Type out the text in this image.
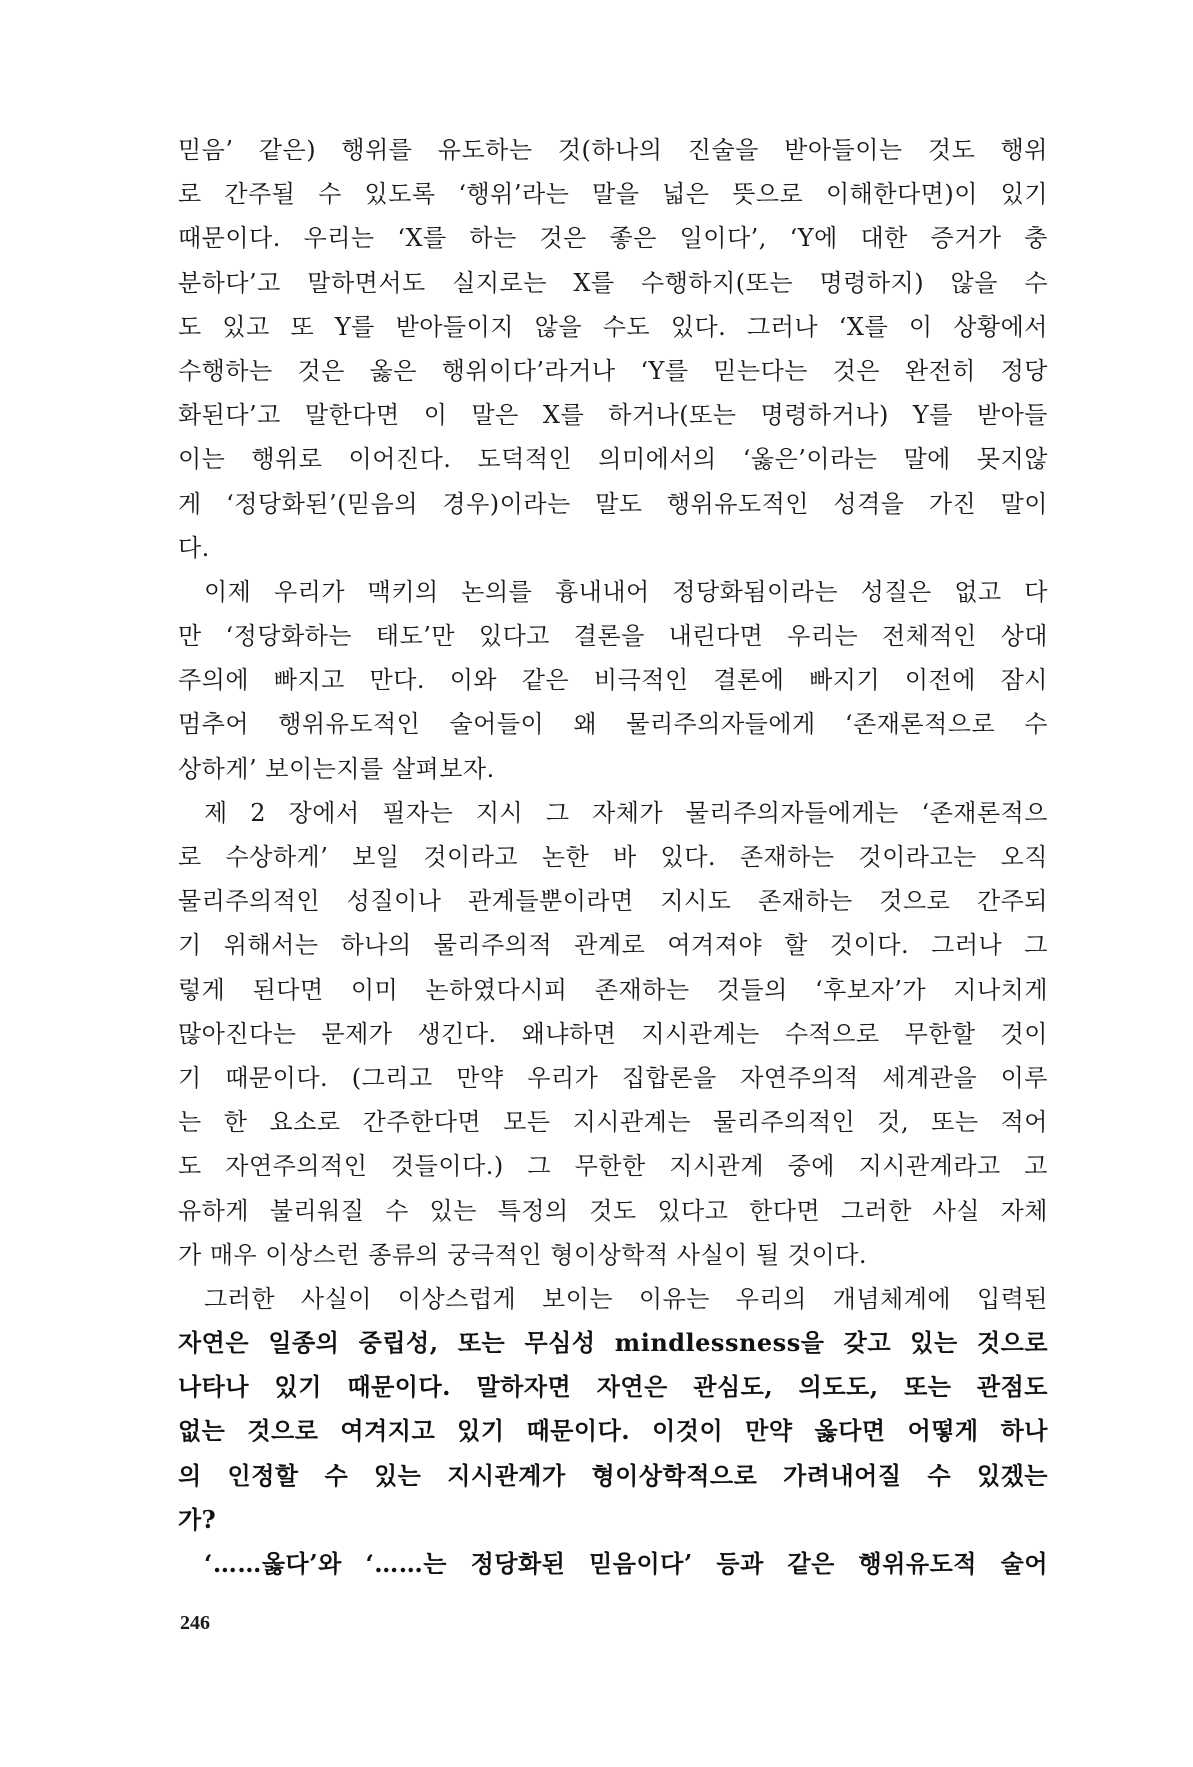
믿음’ 같은) 행위를 유도하는 것(하나의 진술을 받아들이는 것도 행위
로 간주될 수 있도록 ‘행위’라는 말을 넓은 뜻으로 이해한다면)이 있기
때문이다. 우리는 ‘X를 하는 것은 좋은 일이다’, ‘Y에 대한 증거가 충
분하다’고 말하면서도 실지로는 X를 수행하지(또는 명령하지) 않을 수
도 있고 또 Y를 받아들이지 않을 수도 있다. 그러나 ‘X를 이 상황에서
수행하는 것은 옳은 행위이다’라거나 ‘Y를 믿는다는 것은 완전히 정당
화된다’고 말한다면 이 말은 X를 하거나(또는 명령하거나) Y를 받아들
이는 행위로 이어진다. 도덕적인 의미에서의 ‘옳은’이라는 말에 못지않
게 ‘정당화된’(믿음의 경우)이라는 말도 행위유도적인 성격을 가진 말이
다.
이제 우리가 맥키의 논의를 흉내내어 정당화됨이라는 성질은 없고 다
만 ‘정당화하는 태도’만 있다고 결론을 내린다면 우리는 전체적인 상대
주의에 빠지고 만다. 이와 같은 비극적인 결론에 빠지기 이전에 잠시
멈추어 행위유도적인 술어들이 왜 물리주의자들에게 ‘존재론적으로 수
상하게’ 보이는지를 살펴보자.
제 2 장에서 필자는 지시 그 자체가 물리주의자들에게는 ‘존재론적으
로 수상하게’ 보일 것이라고 논한 바 있다. 존재하는 것이라고는 오직
물리주의적인 성질이나 관계들뿐이라면 지시도 존재하는 것으로 간주되
기 위해서는 하나의 물리주의적 관계로 여겨져야 할 것이다. 그러나 그
렇게 된다면 이미 논하였다시피 존재하는 것들의 ‘후보자’가 지나치게
많아진다는 문제가 생긴다. 왜냐하면 지시관계는 수적으로 무한할 것이
기 때문이다. (그리고 만약 우리가 집합론을 자연주의적 세계관을 이루
는 한 요소로 간주한다면 모든 지시관계는 물리주의적인 것, 또는 적어
도 자연주의적인 것들이다.) 그 무한한 지시관계 중에 지시관계라고 고
유하게 불리워질 수 있는 특정의 것도 있다고 한다면 그러한 사실 자체
가 매우 이상스런 종류의 궁극적인 형이상학적 사실이 될 것이다.
그러한 사실이 이상스럽게 보이는 이유는 우리의 개념체계에 입력된
자연은 일종의 중립성, 또는 무심성 mindlessness을 갖고 있는 것으로
나타나 있기 때문이다. 말하자면 자연은 관심도, 의도도, 또는 관점도
없는 것으로 여겨지고 있기 때문이다. 이것이 만약 옳다면 어떻게 하나
의 인정할 수 있는 지시관계가 형이상학적으로 가려내어질 수 있겠는
가?
‘……옳다’와 ‘……는 정당화된 믿음이다’ 등과 같은 행위유도적 술어
246
